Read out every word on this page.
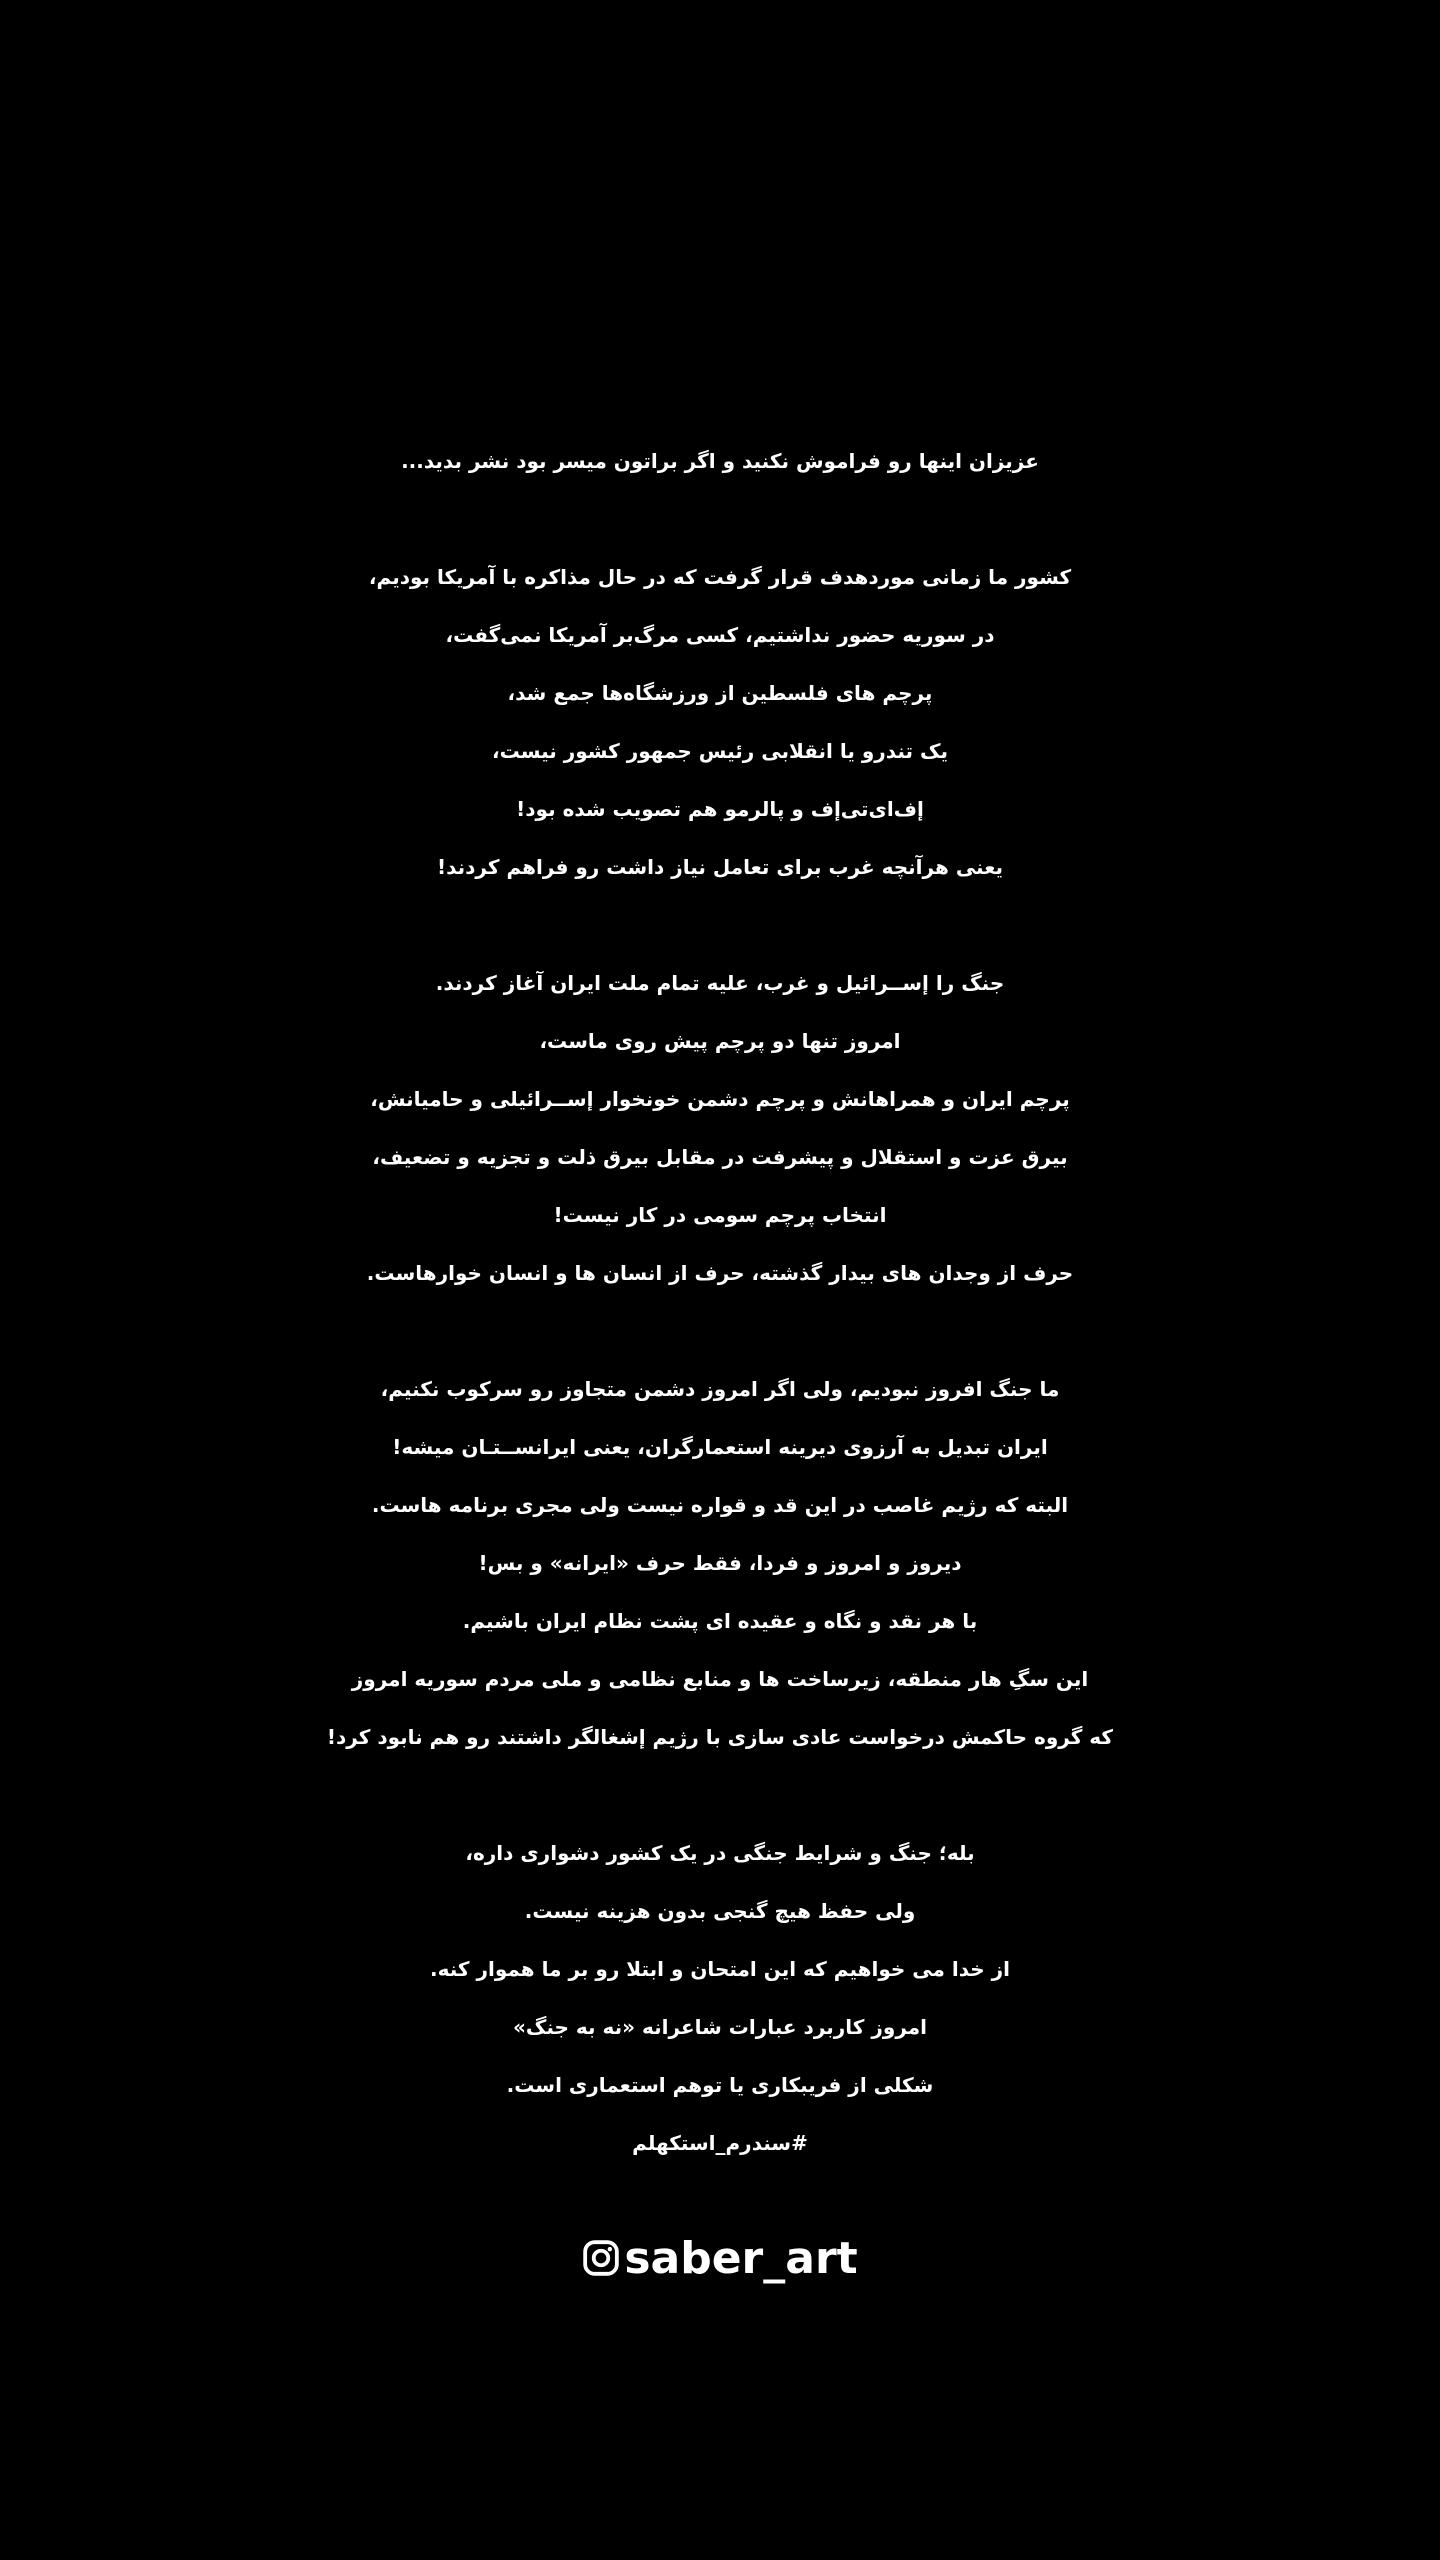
عزیزان اینها رو فراموش نکنید و اگر براتون میسر بود نشر بدید...

کشور ما زمانی موردهدف قرار گرفت که در حال مذاکره با آمریکا بودیم،
در سوریه حضور نداشتیم، کسی مرگ‌بر آمریکا نمی‌گفت،
پرچم های فلسطین از ورزشگاه‌ها جمع شد،
یک تندرو یا انقلابی رئیس جمهور کشور نیست،
إف‌ای‌تی‌إف و پالرمو هم تصویب شده بود!
یعنی هرآنچه غرب برای تعامل نیاز داشت رو فراهم کردند!

جنگ را إســرائیل و غرب، علیه تمام ملت ایران آغاز کردند.
امروز تنها دو پرچم پیش روی ماست،
پرچم ایران و همراهانش و پرچم دشمن خونخوار إســرائیلی و حامیانش،
بیرق عزت و استقلال و پیشرفت در مقابل بیرق ذلت و تجزیه و تضعیف،
انتخاب پرچم سومی در کار نیست!
حرف از وجدان های بیدار گذشته، حرف از انسان ها و انسان خوارهاست.

ما جنگ افروز نبودیم، ولی اگر امروز دشمن متجاوز رو سرکوب نکنیم،
ایران تبدیل به آرزوی دیرینه استعمارگران، یعنی ایرانســتـان میشه!
البته که رژیم غاصب در این قد و قواره نیست ولی مجری برنامه هاست.
دیروز و امروز و فردا، فقط حرف «ایرانه» و بس!
با هر نقد و نگاه و عقیده ای پشت نظام ایران باشیم.
این سگِ هار منطقه، زیرساخت ها و منابع نظامی و ملی مردم سوریه امروز
که گروه حاکمش درخواست عادی سازی با رژیم إشغالگر داشتند رو هم نابود کرد!

بله؛ جنگ و شرایط جنگی در یک کشور دشواری داره،
ولی حفظ هیچ گنجی بدون هزینه نیست.
از خدا می خواهیم که این امتحان و ابتلا رو بر ما هموار کنه.
امروز کاربرد عبارات شاعرانه «نه به جنگ»
شکلی از فریبکاری یا توهم استعماری است.
#سندرم_استکهلم

saber_art
